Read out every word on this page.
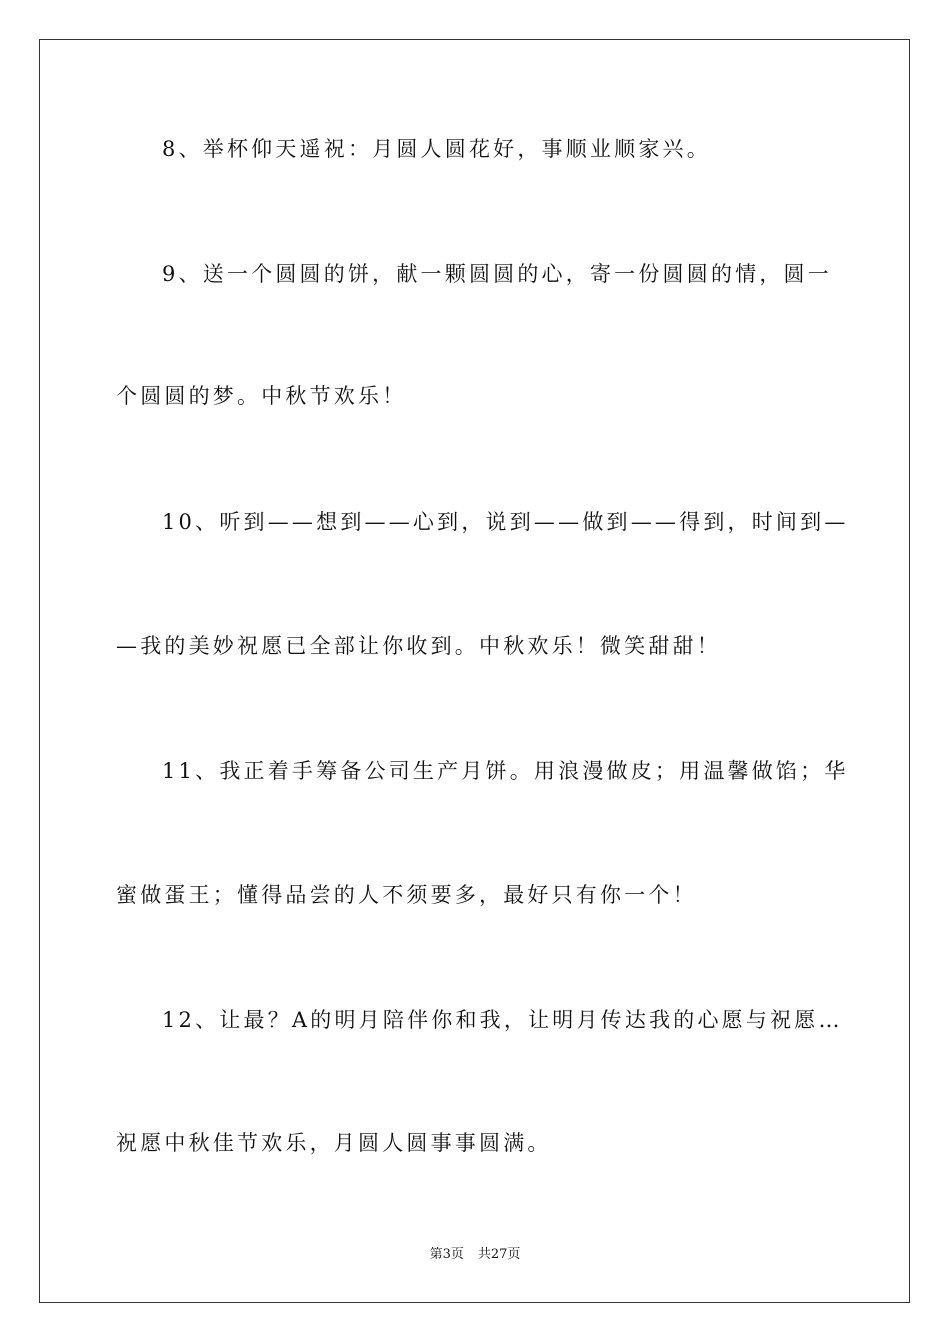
8、举杯仰天遥祝：月圆人圆花好，事顺业顺家兴。
9、送一个圆圆的饼，献一颗圆圆的心，寄一份圆圆的情，圆一
个圆圆的梦。中秋节欢乐！
10、听到——想到——心到，说到——做到——得到，时间到—
—我的美妙祝愿已全部让你收到。中秋欢乐！微笑甜甜！
11、我正着手筹备公司生产月饼。用浪漫做皮；用温馨做馅；华
蜜做蛋王；懂得品尝的人不须要多，最好只有你一个！
12、让最？A的明月陪伴你和我，让明月传达我的心愿与祝愿…
祝愿中秋佳节欢乐，月圆人圆事事圆满。
第3页 共27页
